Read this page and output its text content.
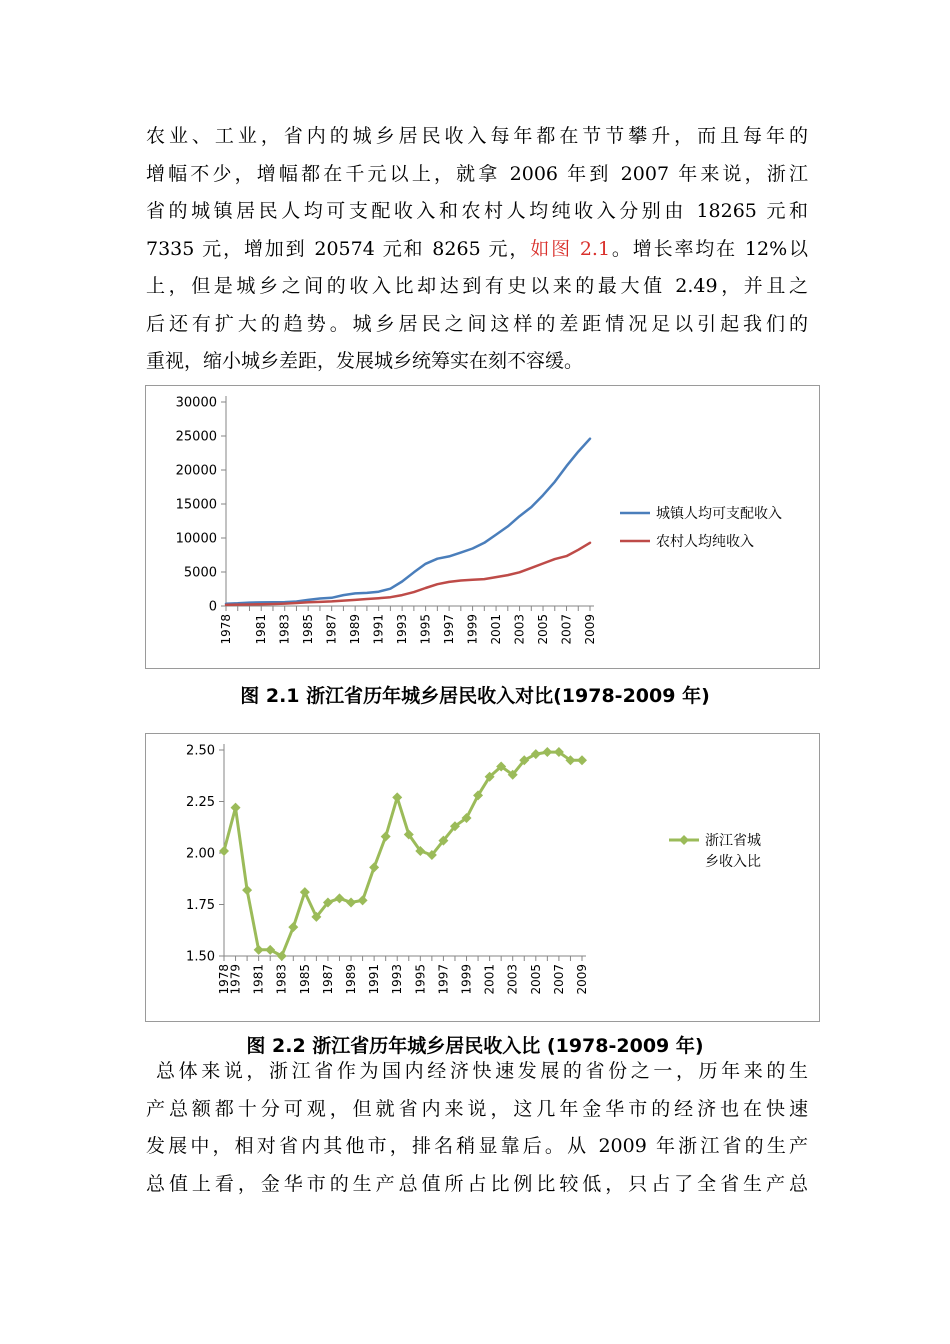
农业、工业，省内的城乡居民收入每年都在节节攀升，而且每年的

增幅不少，增幅都在千元以上，就拿 2006 年到 2007 年来说，浙江

省的城镇居民人均可支配收入和农村人均纯收入分别由 18265 元和

7335 元，增加到 20574 元和 8265 元，如图 2.1。增长率均在 12%以

上，但是城乡之间的收入比却达到有史以来的最大值 2.49，并且之

后还有扩大的趋势。城乡居民之间这样的差距情况足以引起我们的

重视，缩小城乡差距，发展城乡统筹实在刻不容缓。

0
5000
10000
15000
20000
25000
30000
1978 1981 1983 1985 1987 1989 1991 1993 1995 1997 1999 2001 2003 2005 2007 2009
城镇人均可支配收入
农村人均纯收入
图 2.1 浙江省历年城乡居民收入对比(1978-2009 年)
1.50
1.75
2.00
2.25
2.50
1978
1979 1981 1983 1985 1987 1989 1991 1993 1995 1997 1999 2001 2003 2005 2007 2009
浙江省城
乡收入比
图 2.2 浙江省历年城乡居民收入比 (1978-2009 年)

总体来说，浙江省作为国内经济快速发展的省份之一，历年来的生

产总额都十分可观，但就省内来说，这几年金华市的经济也在快速

发展中，相对省内其他市，排名稍显靠后。从 2009 年浙江省的生产

总值上看，金华市的生产总值所占比例比较低，只占了全省生产总
